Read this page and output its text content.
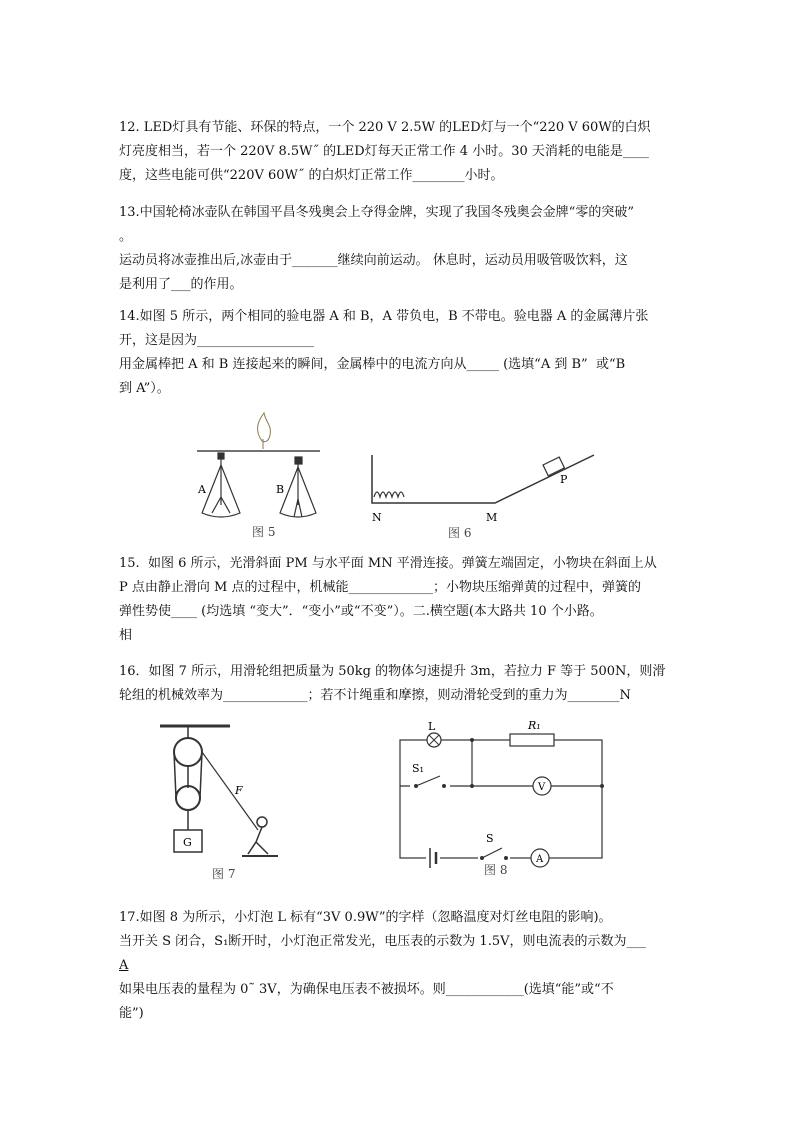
12. LED灯具有节能、环保的特点，一个 220 V 2.5W 的LED灯与一个“220 V 60W的白炽
灯亮度相当，若一个 220V 8.5W˝ 的LED灯每天正常工作 4 小时。30 天消耗的电能是____
度，这些电能可供“220V 60W˝ 的白炽灯正常工作________小时。
13.中国轮椅冰壶队在韩国平昌冬残奥会上夺得金牌，实现了我国冬残奥会金牌“零的突破”
。
运动员将冰壶推出后,冰壶由于_______继续向前运动。 休息时，运动员用吸管吸饮料，这
是利用了___的作用。
14.如图 5 所示，两个相同的验电器 A 和 B，A 带负电，B 不带电。验电器 A 的金属薄片张
开，这是因为__________________
用金属棒把 A 和 B 连接起来的瞬间，金属棒中的电流方向从_____ (选填“A 到 B”  或“B
到 A”）。
A	B
图 5
N	M
P
图 6
15.  如图 6 所示，光滑斜面 PM 与水平面 MN 平滑连接。弹簧左端固定，小物块在斜面上从
P 点由静止滑向 M 点的过程中，机械能_____________；小物块压缩弹黄的过程中，弹簧的
弹性势使____ (均选填 “变大”．“变小”或“不变”）。二.横空题(本大路共 10 个小路。
相
16．如图 7 所示，用滑轮组把质量为 50kg 的物体匀速提升 3m，若拉力 F 等于 500N，则滑
轮组的机械效率为_____________；若不计绳重和摩擦，则动滑轮受到的重力为________N
G
F
图 7
L	R₁
S₁
V
S
A
图 8
17.如图 8 为所示，小灯泡 L 标有“3V 0.9W”的字样（忽略温度对灯丝电阻的影响)。
当开关 S 闭合，S₁断开时，小灯泡正常发光，电压表的示数为 1.5V，则电流表的示数为___
A
如果电压表的量程为 0˜ 3V，为确保电压表不被损坏。则____________(选填“能”或“不
能”)
